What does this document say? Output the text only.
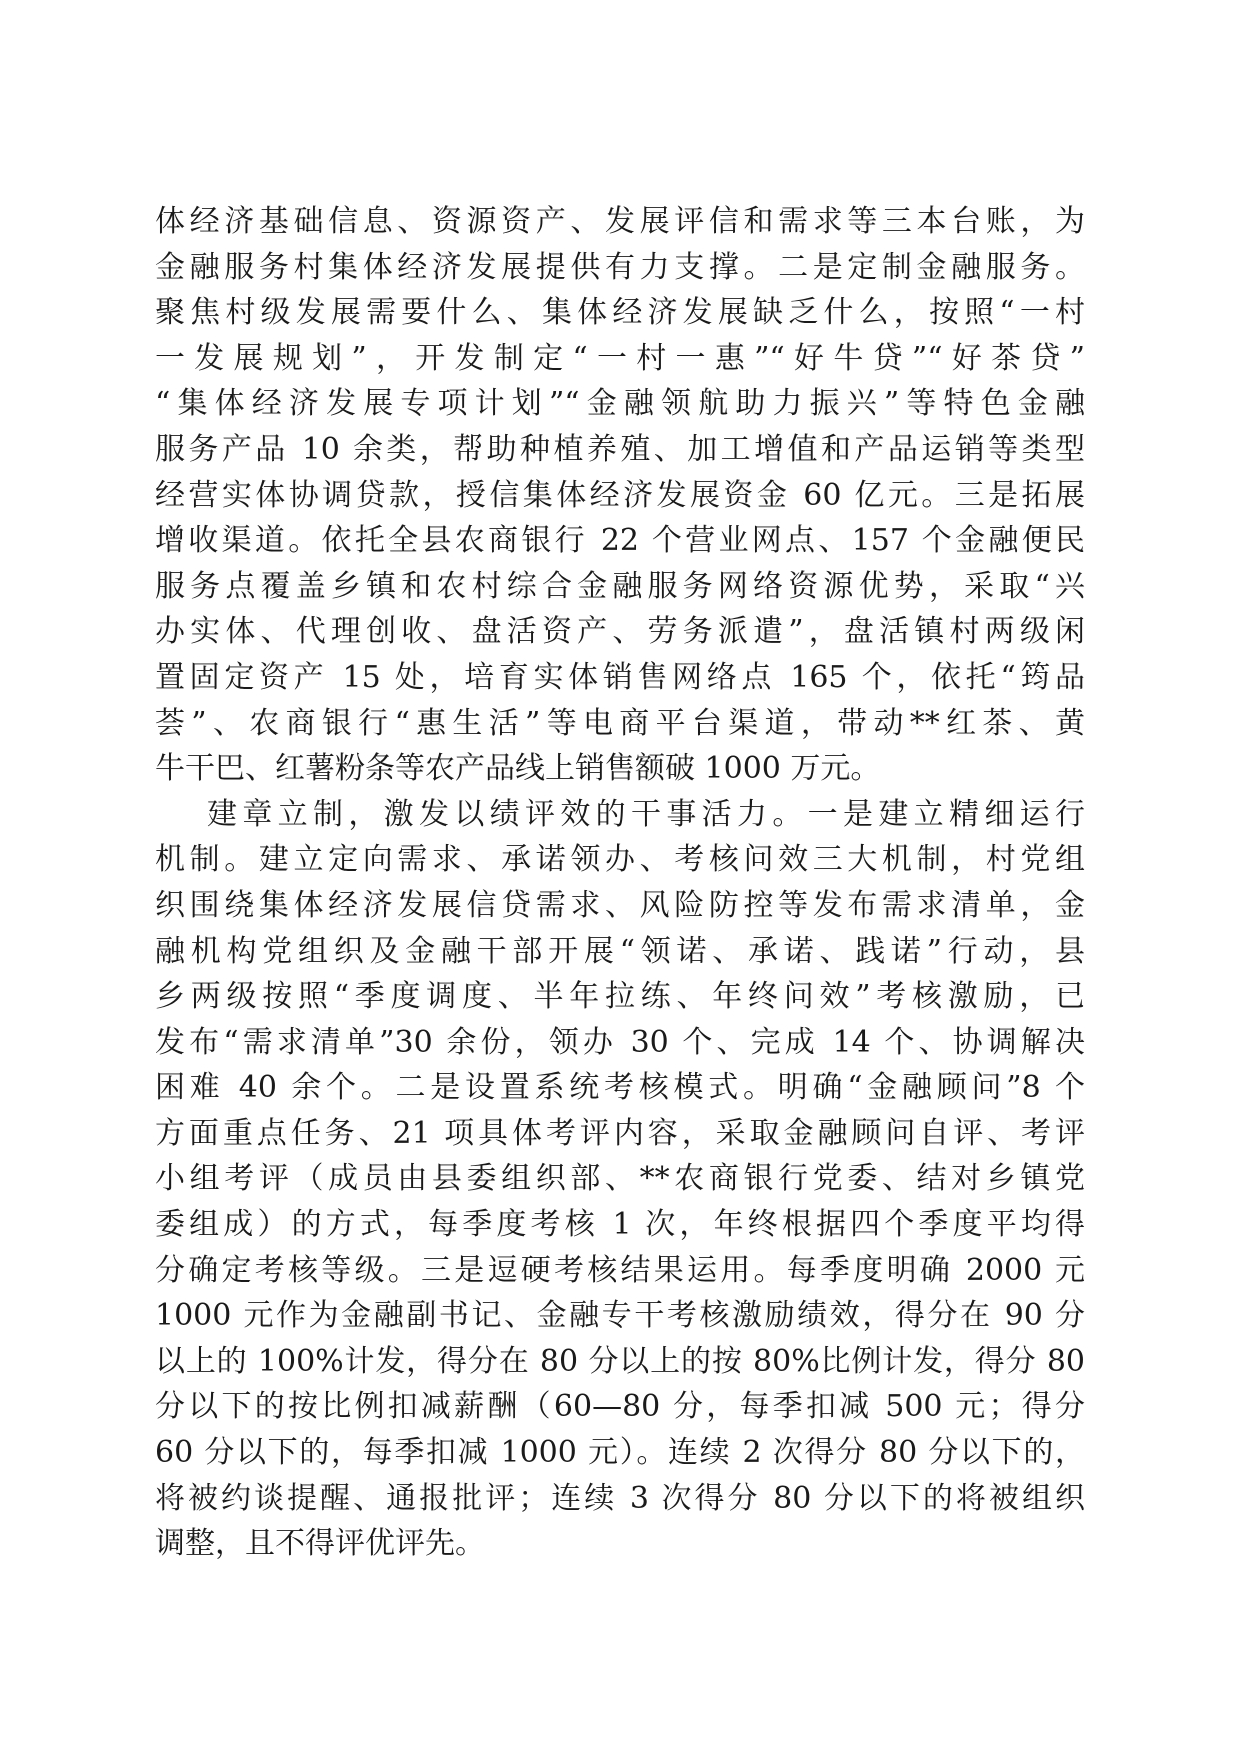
体经济基础信息、资源资产、发展评信和需求等三本台账，为
金融服务村集体经济发展提供有力支撑。二是定制金融服务。
聚焦村级发展需要什么、集体经济发展缺乏什么，按照“一村
一发展规划”，开发制定“一村一惠”“好牛贷”“好茶贷”
“集体经济发展专项计划”“金融领航助力振兴”等特色金融
服务产品 10 余类，帮助种植养殖、加工增值和产品运销等类型
经营实体协调贷款，授信集体经济发展资金 60 亿元。三是拓展
增收渠道。依托全县农商银行 22 个营业网点、157 个金融便民
服务点覆盖乡镇和农村综合金融服务网络资源优势，采取“兴
办实体、代理创收、盘活资产、劳务派遣”，盘活镇村两级闲
置固定资产 15 处，培育实体销售网络点 165 个，依托“筠品
荟”、农商银行“惠生活”等电商平台渠道，带动**红茶、黄
牛干巴、红薯粉条等农产品线上销售额破 1000 万元。
建章立制，激发以绩评效的干事活力。一是建立精细运行
机制。建立定向需求、承诺领办、考核问效三大机制，村党组
织围绕集体经济发展信贷需求、风险防控等发布需求清单，金
融机构党组织及金融干部开展“领诺、承诺、践诺”行动，县
乡两级按照“季度调度、半年拉练、年终问效”考核激励，已
发布“需求清单”30 余份，领办 30 个、完成 14 个、协调解决
困难 40 余个。二是设置系统考核模式。明确“金融顾问”8 个
方面重点任务、21 项具体考评内容，采取金融顾问自评、考评
小组考评（成员由县委组织部、**农商银行党委、结对乡镇党
委组成）的方式，每季度考核 1 次，年终根据四个季度平均得
分确定考核等级。三是逗硬考核结果运用。每季度明确 2000 元
1000 元作为金融副书记、金融专干考核激励绩效，得分在 90 分
以上的 100%计发，得分在 80 分以上的按 80%比例计发，得分 80
分以下的按比例扣减薪酬（60—80 分，每季扣减 500 元；得分
60 分以下的，每季扣减 1000 元）。连续 2 次得分 80 分以下的，
将被约谈提醒、通报批评；连续 3 次得分 80 分以下的将被组织
调整，且不得评优评先。
